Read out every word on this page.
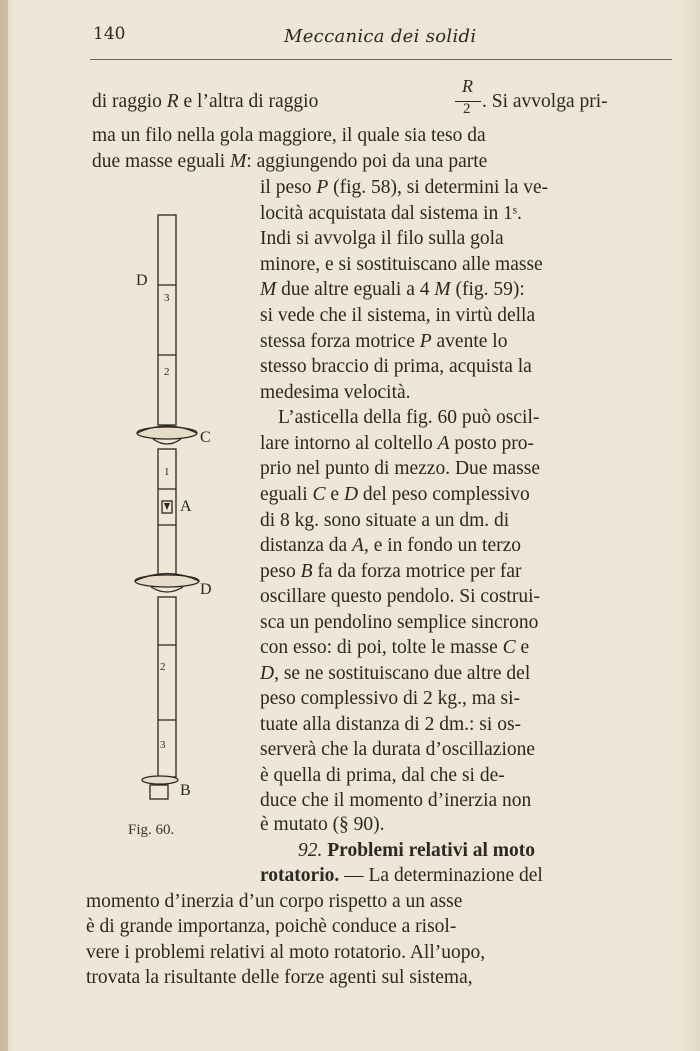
140	Meccanica dei solidi
di raggio R e l’altra di raggio
R
2 . Si avvolga pri-
ma un filo nella gola maggiore, il quale sia teso da
due masse eguali M: aggiungendo poi da una parte
il peso P (fig. 58), si determini la ve-
locità acquistata dal sistema in 1ˢ.
Indi si avvolga il filo sulla gola
minore, e si sostituiscano alle masse
M due altre eguali a 4 M (fig. 59):
si vede che il sistema, in virtù della
stessa forza motrice P avente lo
stesso braccio di prima, acquista la
medesima velocità.
L’asticella della fig. 60 può oscil-
lare intorno al coltello A posto pro-
prio nel punto di mezzo. Due masse
eguali C e D del peso complessivo
di 8 kg. sono situate a un dm. di
distanza da A, e in fondo un terzo
peso B fa da forza motrice per far
oscillare questo pendolo. Si costrui-
sca un pendolino semplice sincrono
con esso: di poi, tolte le masse C e
D, se ne sostituiscano due altre del
peso complessivo di 2 kg., ma si-
tuate alla distanza di 2 dm.: si os-
serverà che la durata d’oscillazione
è quella di prima, dal che si de-
duce che il momento d’inerzia non
è mutato (§ 90).
92. Problemi relativi al moto
rotatorio. — La determinazione del
momento d’inerzia d’un corpo rispetto a un asse
è di grande importanza, poichè conduce a risol-
vere i problemi relativi al moto rotatorio. All’uopo,
trovata la risultante delle forze agenti sul sistema,
D
3
2
C
1
A
D
2
3
B
Fig. 60.
